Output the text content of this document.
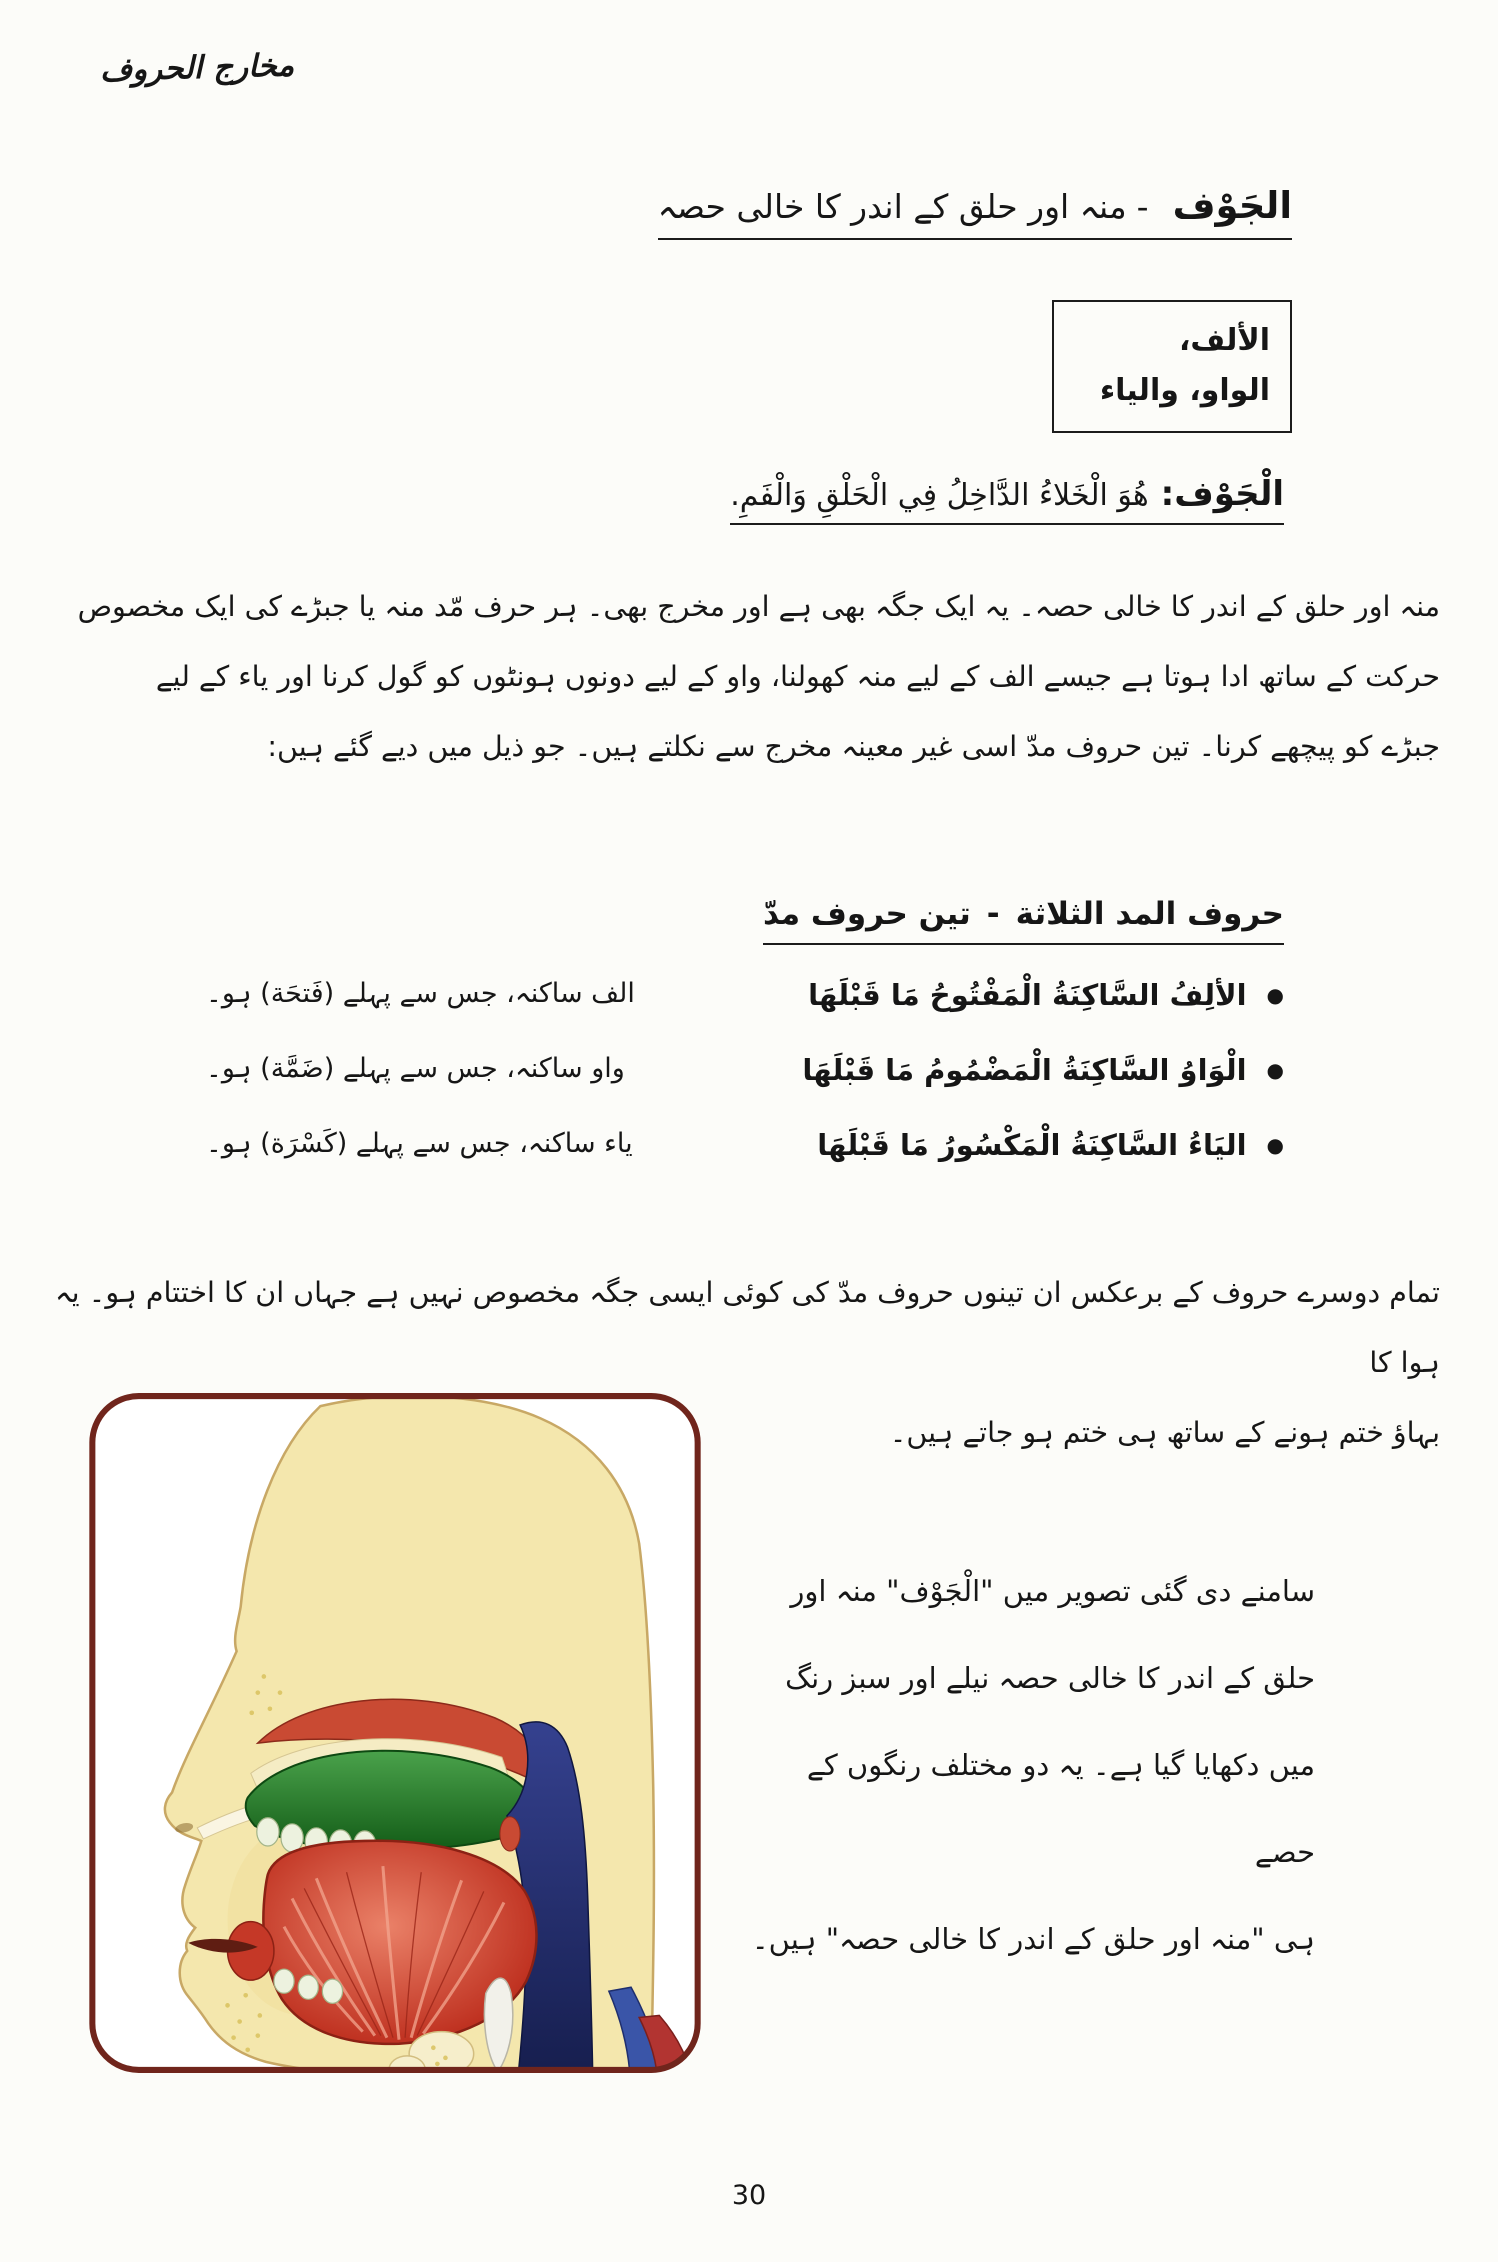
مخارج الحروف
الجَوْف-منہ اور حلق کے اندر کا خالی حصہ
الألف،
الواو، والياء
الْجَوْف:هُوَ الْخَلاءُ الدَّاخِلُ فِي الْحَلْقِ وَالْفَمِ.
منہ اور حلق کے اندر کا خالی حصہ۔ یہ ایک جگہ بھی ہے اور مخرج بھی۔ ہر حرف مّد منہ یا جبڑے کی ایک مخصوص
حرکت کے ساتھ ادا ہوتا ہے جیسے الف کے لیے منہ کھولنا، واو کے لیے دونوں ہونٹوں کو گول کرنا اور یاء کے لیے
جبڑے کو پیچھے کرنا۔ تین حروف مدّ اسی غیر معینہ مخرج سے نکلتے ہیں۔ جو ذیل میں دیے گئے ہیں:
حروف المد الثلاثة-تین حروف مدّ
●
الألِفُ السَّاكِنَةُ الْمَفْتُوحُ مَا قَبْلَهَا
الف ساکنہ، جس سے پہلے (فَتحَة) ہو۔
●
الْوَاوُ السَّاكِنَةُ الْمَضْمُومُ مَا قَبْلَهَا
واو ساکنہ، جس سے پہلے (ضَمَّة) ہو۔
●
اليَاءُ السَّاكِنَةُ الْمَكْسُورُ مَا قَبْلَهَا
یاء ساکنہ، جس سے پہلے (کَسْرَة) ہو۔
تمام دوسرے حروف کے برعکس ان تینوں حروف مدّ کی کوئی ایسی جگہ مخصوص نہیں ہے جہاں ان کا اختتام ہو۔ یہ ہوا کا
بہاؤ ختم ہونے کے ساتھ ہی ختم ہو جاتے ہیں۔
سامنے دی گئی تصویر میں "الْجَوْف" منہ اور
حلق کے اندر کا خالی حصہ نیلے اور سبز رنگ
میں دکھایا گیا ہے۔ یہ دو مختلف رنگوں کے حصے
ہی "منہ اور حلق کے اندر کا خالی حصہ" ہیں۔
30
